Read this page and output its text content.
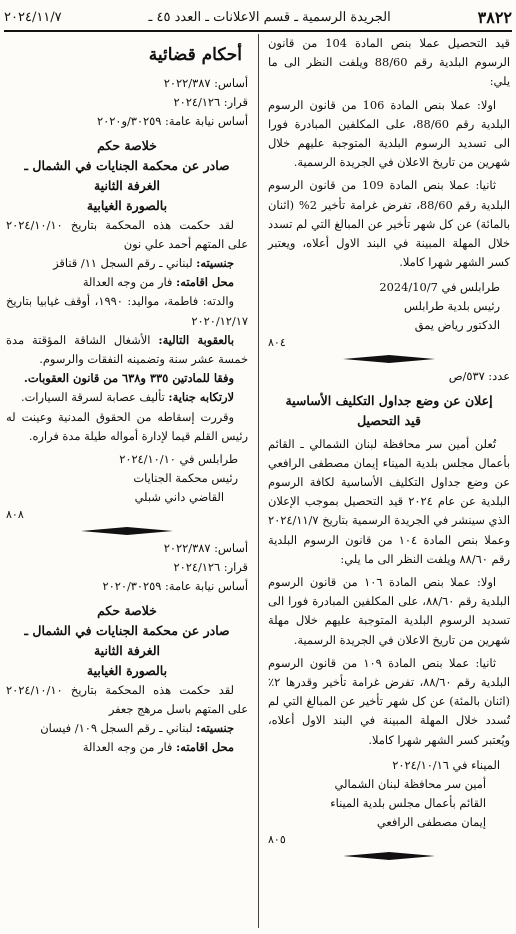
٣٨٢٢
الجريدة الرسمية ـ قسم الاعلانات ـ العدد ٤٥ ـ
٢٠٢٤/١١/٧

قيد التحصيل عملا بنص المادة 104 من قانون الرسوم البلدية رقم 88/60 ويلفت النظر الى ما يلي:

اولا: عملا بنص المادة 106 من قانون الرسوم البلدية رقم 88/60، على المكلفين المبادرة فورا الى تسديد الرسوم البلدية المتوجبة عليهم خلال شهرين من تاريخ الاعلان في الجريدة الرسمية.

ثانيا: عملا بنص المادة 109 من قانون الرسوم البلدية رقم 88/60، تفرض غرامة تأخير 2% (اثنان بالمائة) عن كل شهر تأخير عن المبالغ التي لم تسدد خلال المهلة المبينة في البند الاول أعلاه، ويعتبر كسر الشهر شهرا كاملا.

طرابلس في 2024/10/7

رئيس بلدية طرابلس

الدكتور رياض يمق

٨٠٤

عدد: ٥٣٧/ص

إعلان عن وضع جداول التكليف الأساسية

قيد التحصيل

تُعلن أمين سر محافظة لبنان الشمالي ـ القائم بأعمال مجلس بلدية الميناء إيمان مصطفى الرافعي عن وضع جداول التكليف الأساسية لكافة الرسوم البلدية عن عام ٢٠٢٤ قيد التحصيل بموجب الإعلان الذي سينشر في الجريدة الرسمية بتاريخ ٢٠٢٤/١١/٧ وعملا بنص المادة ١٠٤ من قانون الرسوم البلدية رقم ٨٨/٦٠ ويلفت النظر الى ما يلي:

اولا: عملا بنص المادة ١٠٦ من قانون الرسوم البلدية رقم ٨٨/٦٠، على المكلفين المبادرة فورا الى تسديد الرسوم البلدية المتوجبة عليهم خلال مهلة شهرين من تاريخ الاعلان في الجريدة الرسمية.

ثانيا: عملا بنص المادة ١٠٩ من قانون الرسوم البلدية رقم ٨٨/٦٠، تفرض غرامة تأخير وقدرها ٢٪ (اثنان بالمئة) عن كل شهر تأخير عن المبالغ التي لم تُسدد خلال المهلة المبينة في البند الاول أعلاه، ويُعتبر كسر الشهر شهرا كاملا.

الميناء في ٢٠٢٤/١٠/١٦

أمين سر محافظة لبنان الشمالي

القائم بأعمال مجلس بلدية الميناء

إيمان مصطفى الرافعي

٨٠٥

أحكام قضائية

أساس: ٢٠٢٢/٣٨٧

قرار: ٢٠٢٤/١٢٦

أساس نيابة عامة: ٣٠٢٥٩/و٢٠٢٠

خلاصة حكم

صادر عن محكمة الجنايات في الشمال ـ

الغرفة الثانية

بالصورة الغيابية

لقد حكمت هذه المحكمة بتاريخ ٢٠٢٤/١٠/١٠ على المتهم أحمد علي نون

جنسيته: لبناني ـ رقم السجل ١١/ قناقز

محل اقامته: فار من وجه العدالة

والدته: فاطمة، مواليد: ١٩٩٠، أوقف غيابيا بتاريخ ٢٠٢٠/١٢/١٧

بالعقوبة التالية: الأشغال الشاقة المؤقتة مدة خمسة عشر سنة وتضمينه النفقات والرسوم.

وفقا للمادتين ٣٣٥ و٦٣٨ من قانون العقوبات.

لارتكابه جناية: تأليف عصابة لسرقة السيارات.

وقررت إسقاطه من الحقوق المدنية وعينت له رئيس القلم قيما لإدارة أمواله طيلة مدة فراره.

طرابلس في ٢٠٢٤/١٠/١٠

رئيس محكمة الجنايات

القاضي داني شبلي

٨٠٨

أساس: ٢٠٢٢/٣٨٧

قرار: ٢٠٢٤/١٢٦

أساس نيابة عامة: ٢٠٢٠/٣٠٢٥٩

خلاصة حكم

صادر عن محكمة الجنايات في الشمال ـ

الغرفة الثانية

بالصورة الغيابية

لقد حكمت هذه المحكمة بتاريخ ٢٠٢٤/١٠/١٠ على المتهم باسل مرهج جعفر

جنسيته: لبناني ـ رقم السجل ١٠٩/ فيسان

محل اقامته: فار من وجه العدالة
